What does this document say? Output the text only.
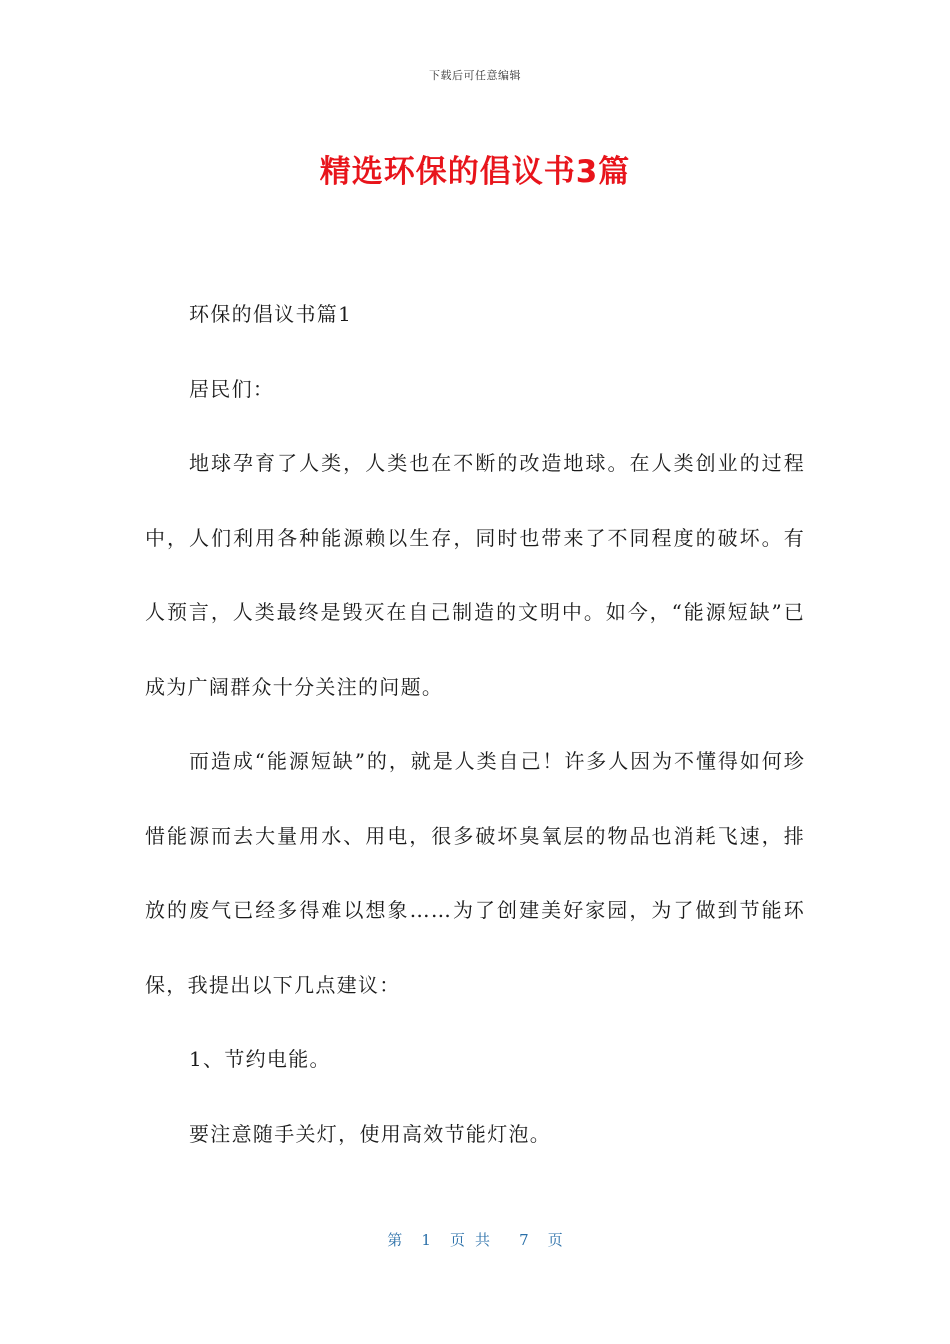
下载后可任意编辑
精选环保的倡议书3篇

环保的倡议书篇1

居民们：

地球孕育了人类，人类也在不断的改造地球。在人类创业的过程中，人们利用各种能源赖以生存，同时也带来了不同程度的破坏。有人预言，人类最终是毁灭在自己制造的文明中。如今，“能源短缺”已成为广阔群众十分关注的问题。

而造成“能源短缺”的，就是人类自己！许多人因为不懂得如何珍惜能源而去大量用水、用电，很多破坏臭氧层的物品也消耗飞速，排放的废气已经多得难以想象……为了创建美好家园，为了做到节能环保，我提出以下几点建议：

1、节约电能。

要注意随手关灯，使用高效节能灯泡。

第 1 页共 7 页
